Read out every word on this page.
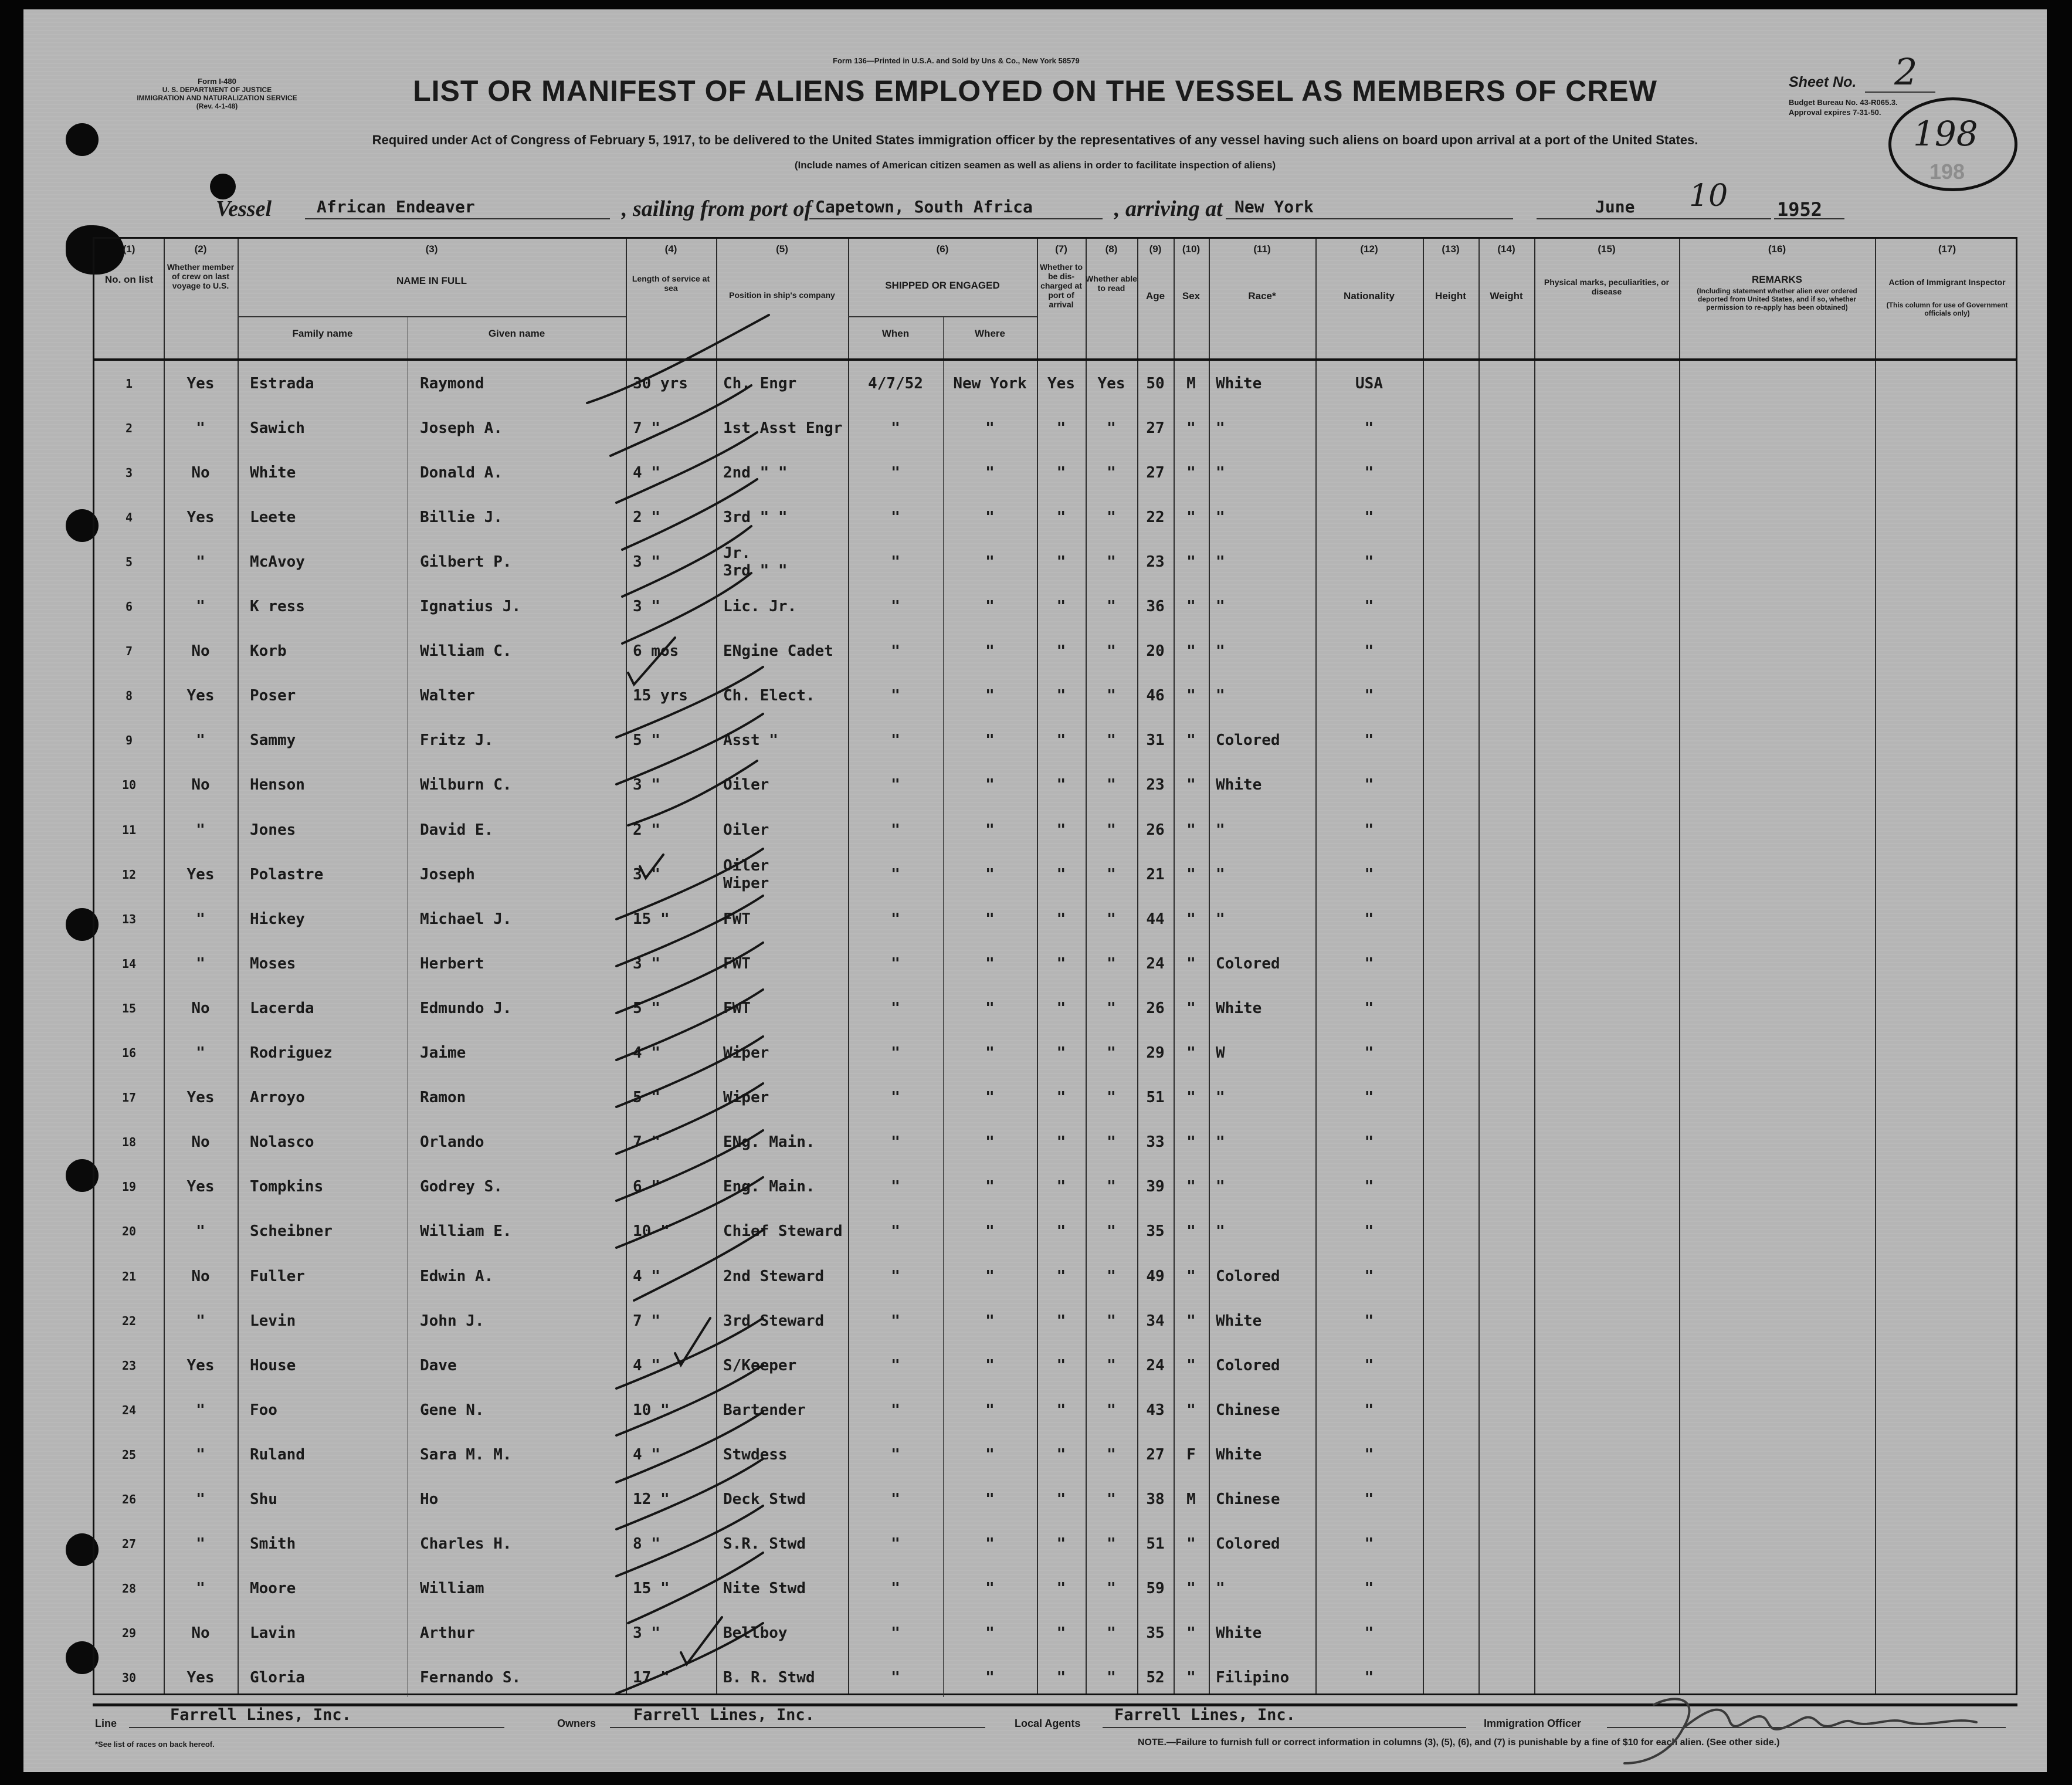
Form I-480
U. S. DEPARTMENT OF JUSTICE
IMMIGRATION AND NATURALIZATION SERVICE
(Rev. 4-1-48)
Form 136—Printed in U.S.A. and Sold by Uns & Co., New York 58579
LIST OR MANIFEST OF ALIENS EMPLOYED ON THE VESSEL AS MEMBERS OF CREW
Required under Act of Congress of February 5, 1917, to be delivered to the United States immigration officer by the representatives of any vessel having such aliens on board upon arrival at a port of the United States.
(Include names of American citizen seamen as well as aliens in order to facilitate inspection of aliens)
Sheet No. 2
Budget Bureau No. 43-R065.3.
Approval expires 7-31-50.
198
198
Vessel	African Endeaver	, sailing from port of Capetown, South Africa	, arriving at New York	June 10	1952
(1)
No. on list
(2)
Whether member of crew on last voyage to U.S.
(3)
NAME IN FULL
Family name	Given name
(4)
Length of service at sea
(5)
Position in ship's company
(6)
SHIPPED OR ENGAGED
When	Where
(7)
Whether to be dis-charged at port of arrival
(8)
Whether able to read
(9)
Age
(10)
Sex
(11)
Race*
(12)
Nationality
(13)
Height
(14)
Weight
(15)
Physical marks, peculiarities, or disease
(16)
REMARKS
(Including statement whether alien ever ordered deported from United States, and if so, whether permission to re-apply has been obtained)
(17)
Action of Immigrant Inspector
(This column for use of Government officials only)
1	Yes	Estrada	Raymond	30 yrs	Ch. Engr	4/7/52	New York	Yes	Yes	50	M	White	USA
2	"	Sawich	Joseph A.	7 "	1st Asst Engr	"	"	"	"	27	"	"	"
3	No	White	Donald A.	4 "	2nd " "	"	"	"	"	27	"	"	"
4	Yes	Leete	Billie J.	2 "	3rd " "	"	"	"	"	22	"	"	"
5	"	McAvoy	Gilbert P.	3 "	Jr.
3rd " "	"	"	"	"	23	"	"	"
6	"	K ress	Ignatius J.	3 "	Lic. Jr.	"	"	"	"	36	"	"	"
7	No	Korb	William C.	6 mos	ENgine Cadet	"	"	"	"	20	"	"	"
8	Yes	Poser	Walter	15 yrs	Ch. Elect.	"	"	"	"	46	"	"	"
9	"	Sammy	Fritz J.	5 "	Asst "	"	"	"	"	31	"	Colored	"
10	No	Henson	Wilburn C.	3 "	Oiler	"	"	"	"	23	"	White	"
11	"	Jones	David E.	2 "	Oiler	"	"	"	"	26	"	"	"
12	Yes	Polastre	Joseph	3 "	Oiler
Wiper	"	"	"	"	21	"	"	"
13	"	Hickey	Michael J.	15 "	FWT	"	"	"	"	44	"	"	"
14	"	Moses	Herbert	3 "	FWT	"	"	"	"	24	"	Colored	"
15	No	Lacerda	Edmundo J.	5 "	FWT	"	"	"	"	26	"	White	"
16	"	Rodriguez	Jaime	4 "	Wiper	"	"	"	"	29	"	W	"
17	Yes	Arroyo	Ramon	5 "	Wiper	"	"	"	"	51	"	"	"
18	No	Nolasco	Orlando	7 "	ENg. Main.	"	"	"	"	33	"	"	"
19	Yes	Tompkins	Godrey S.	6 "	Eng. Main.	"	"	"	"	39	"	"	"
20	"	Scheibner	William E.	10 "	Chief Steward	"	"	"	"	35	"	"	"
21	No	Fuller	Edwin A.	4 "	2nd Steward	"	"	"	"	49	"	Colored	"
22	"	Levin	John J.	7 "	3rd Steward	"	"	"	"	34	"	White	"
23	Yes	House	Dave	4 "	S/Keeper	"	"	"	"	24	"	Colored	"
24	"	Foo	Gene N.	10 "	Bartender	"	"	"	"	43	"	Chinese	"
25	"	Ruland	Sara M. M.	4 "	Stwdess	"	"	"	"	27	F	White	"
26	"	Shu	Ho	12 "	Deck Stwd	"	"	"	"	38	M	Chinese	"
27	"	Smith	Charles H.	8 "	S.R. Stwd	"	"	"	"	51	"	Colored	"
28	"	Moore	William	15 "	Nite Stwd	"	"	"	"	59	"	"	"
29	No	Lavin	Arthur	3 "	Bellboy	"	"	"	"	35	"	White	"
30	Yes	Gloria	Fernando S.	17 "	B. R. Stwd	"	"	"	"	52	"	Filipino	"
Line	Farrell Lines, Inc.	Owners Farrell Lines, Inc.	Local Agents Farrell Lines, Inc.	Immigration Officer
*See list of races on back hereof.	NOTE.—Failure to furnish full or correct information in columns (3), (5), (6), and (7) is punishable by a fine of $10 for each alien. (See other side.)
